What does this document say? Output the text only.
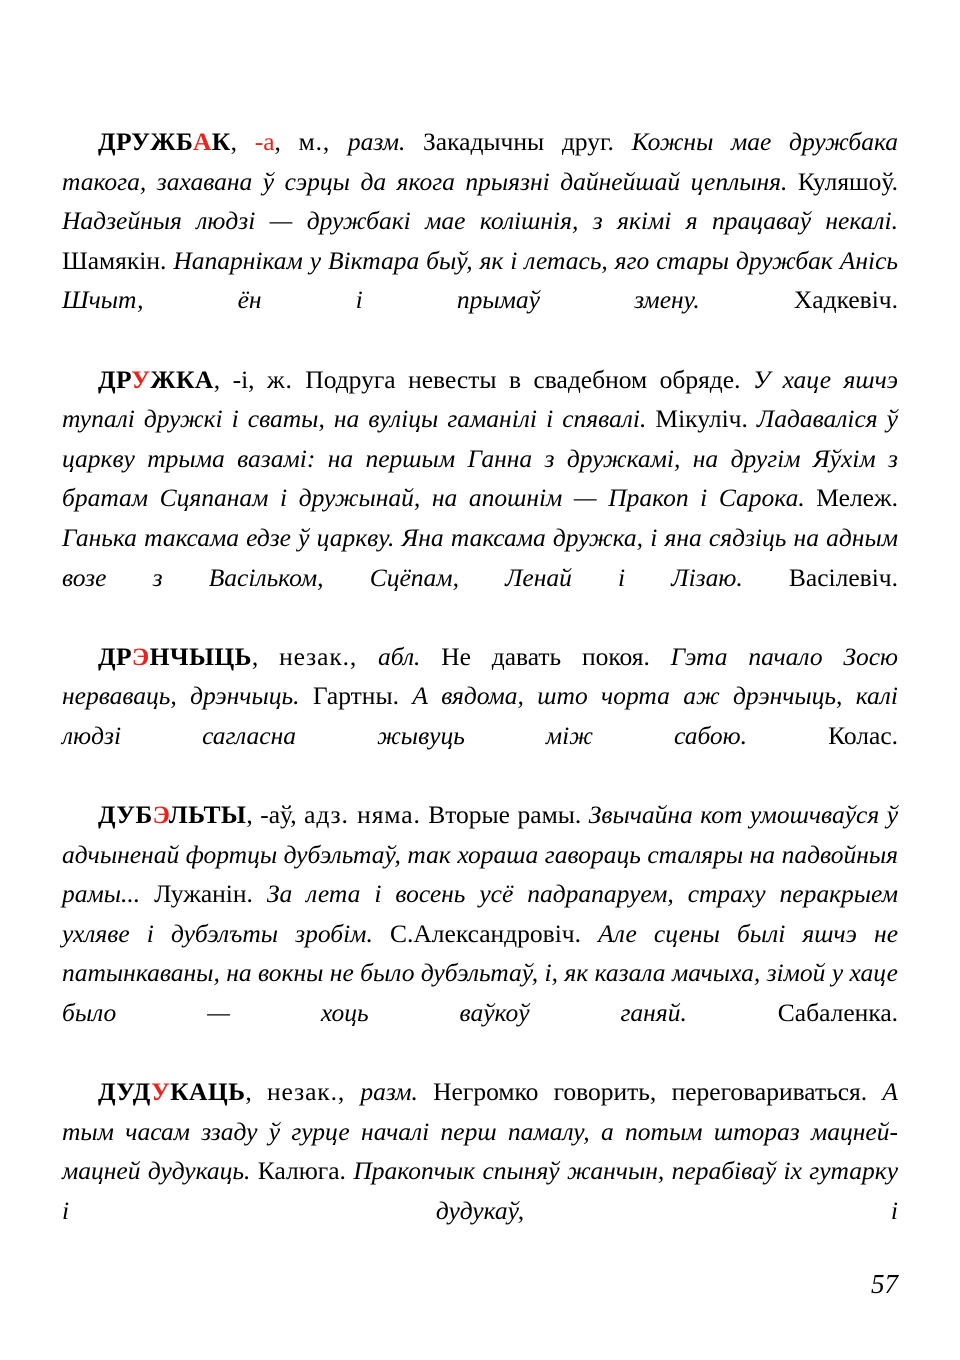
ДРУЖБАК, -а, м., разм. Закадычны друг. Кожны мае дружбака такога, захавана ў сэрцы да якога прыязні дайнейшай цеплыня. Куляшоў. Надзейныя людзі — дружбакі мае колішнія, з якімі я працаваў некалі. Шамякін. Напарнікам у Віктара быў, як і летась, яго стары дружбак Анісь Шчыт, ён і прымаў змену.	Хадкевіч.

ДРУЖКА, -і, ж. Подруга невесты в свадебном обряде. У хаце яшчэ тупалі дружкі і сваты, на вуліцы гаманілі і спявалі. Мікуліч. Ладаваліся ў царкву трыма вазамі: на першым Ганна з дружкамі, на другім Яўхім з братам Сцяпанам і дружынай, на апошнім — Пракоп і Сарока. Мележ. Ганька таксама едзе ў царкву. Яна таксама дружка, і яна сядзіць на адным возе з Васільком, Сцёпам, Ленай і Лізаю. Васілевіч.

ДРЭНЧЫЦЬ, незак., абл. Не давать покоя. Гэта пачало Зосю нерваваць, дрэнчыць. Гартны. А вядома, што чорта аж дрэнчыць, калі людзі сагласна жывуць між сабою.	Колас.

ДУБЭЛЬТЫ, -аў, адз. няма. Вторые рамы. Звычайна кот умошчваўся ў адчыненай фортцы дубэльтаў, так хораша гавораць сталяры на падвойныя рамы... Лужанін. За лета і восень усё падрапаруем, страху перакрыем ухляве і дубэлъты зробім. С.Александровіч. Але сцены былі яшчэ не патынкаваны, на вокны не было дубэльтаў, і, як казала мачыха, зімой у хаце было — хоць ваўкоў ганяй.	Сабаленка.

ДУДУКАЦЬ, незак., разм. Негромко говорить, переговариваться. А тым часам ззаду ў гурце началі перш памалу, а потым штораз мацней-мацней дудукаць. Калюга. Пракопчык спыняў жанчын, перабіваў іх гутарку і дудукаў, і

57
